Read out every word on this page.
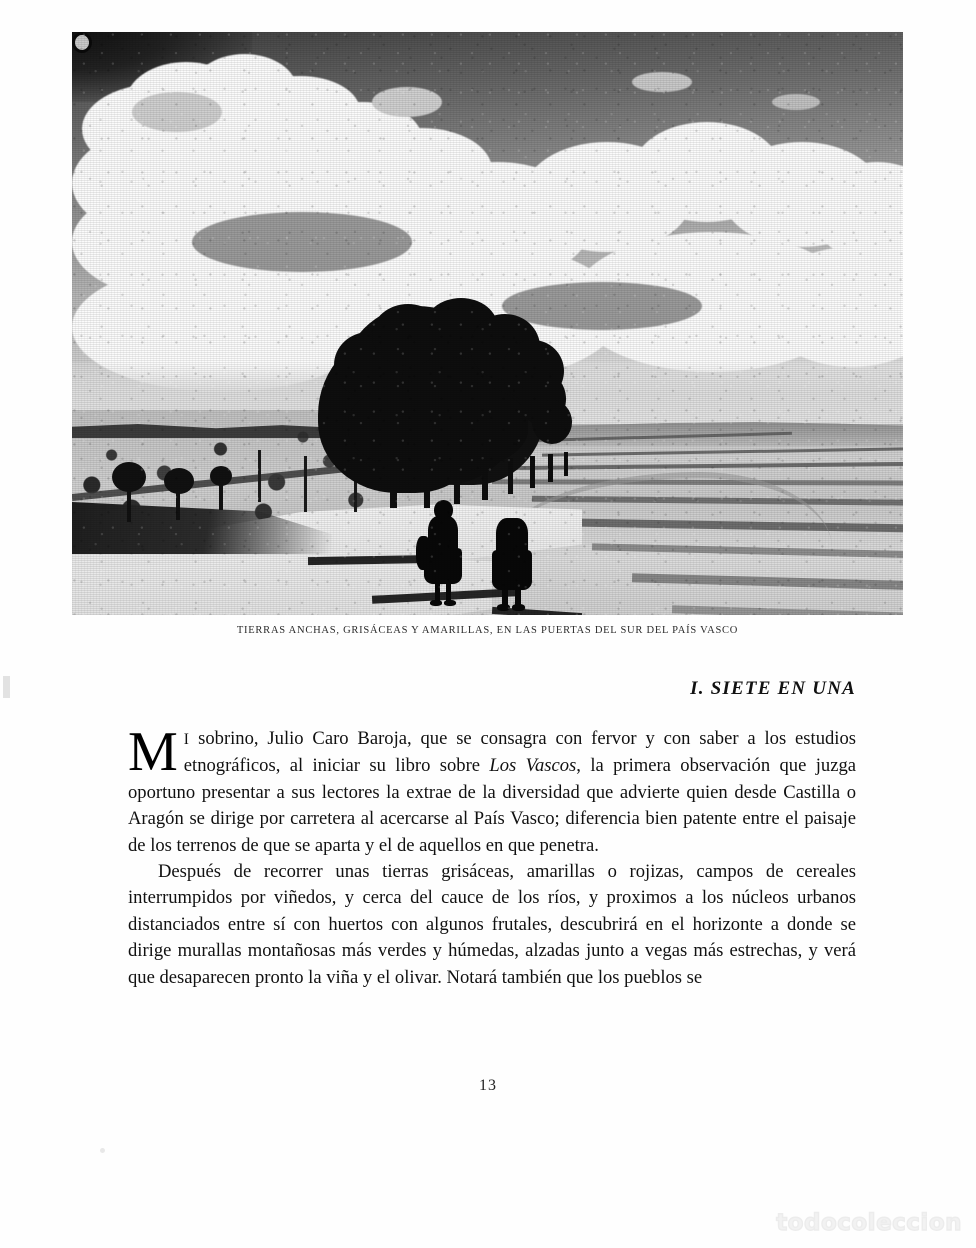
TIERRAS ANCHAS, GRISÁCEAS Y AMARILLAS, EN LAS PUERTAS DEL SUR DEL PAÍS VASCO
I. SIETE EN UNA

M I sobrino, Julio Caro Baroja, que se consagra con fervor y con saber a los estudios etnográficos, al iniciar su libro sobre Los Vascos, la primera observación que juzga oportuno presentar a sus lectores la extrae de la diversidad que advierte quien desde Castilla o Aragón se dirige por carretera al acercarse al País Vasco; diferencia bien patente entre el paisaje de los terrenos de que se aparta y el de aquellos en que penetra.

Después de recorrer unas tierras grisáceas, amarillas o rojizas, campos de cereales interrumpidos por viñedos, y cerca del cauce de los ríos, y proximos a los núcleos urbanos distanciados entre sí con huertos con algunos frutales, descubrirá en el horizonte a donde se dirige murallas montañosas más verdes y húmedas, alzadas junto a vegas más estrechas, y verá que desaparecen pronto la viña y el olivar. Notará también que los pueblos se

13
todocoleccion
